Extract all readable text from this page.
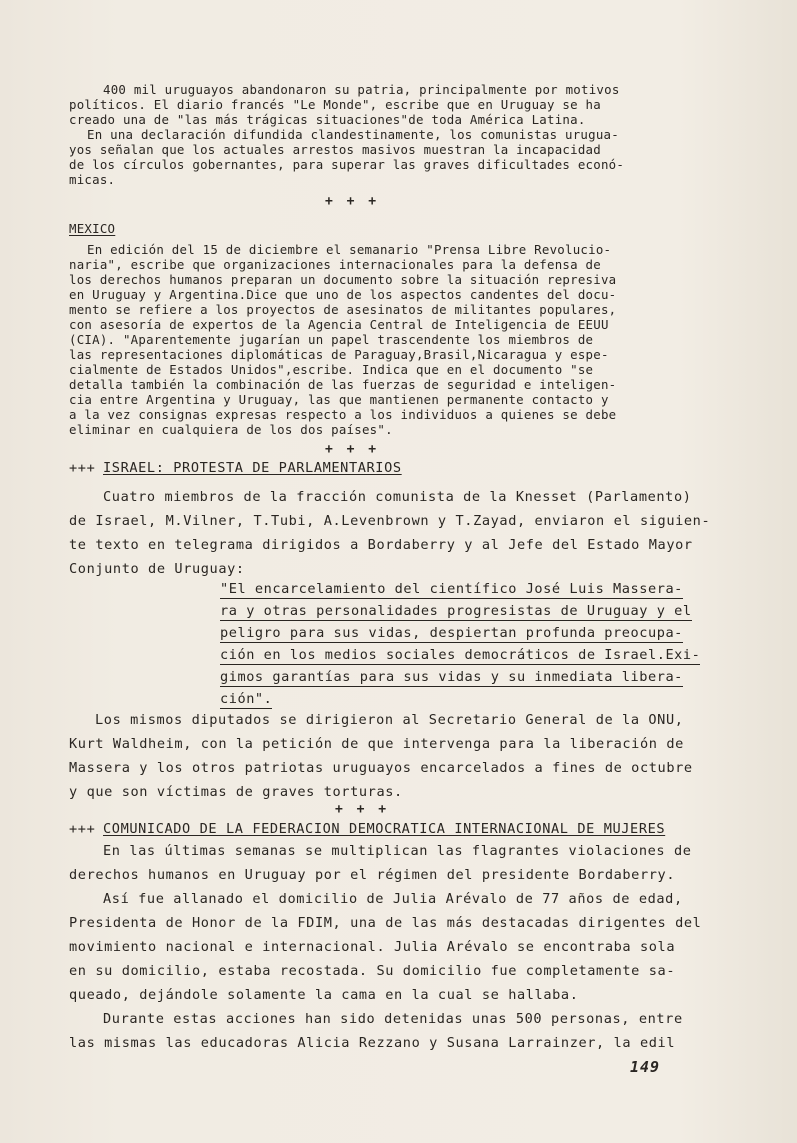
400 mil uruguayos abandonaron su patria, principalmente por motivos
políticos. El diario francés "Le Monde", escribe que en Uruguay se ha
creado una de "las más trágicas situaciones"de toda América Latina.
En una declaración difundida clandestinamente, los comunistas urugua-
yos señalan que los actuales arrestos masivos muestran la incapacidad
de los círculos gobernantes, para superar las graves dificultades econó-
micas.
+ + +
MEXICO
En edición del 15 de diciembre el semanario "Prensa Libre Revolucio-
naria", escribe que organizaciones internacionales para la defensa de
los derechos humanos preparan un documento sobre la situación represiva
en Uruguay y Argentina.Dice que uno de los aspectos candentes del docu-
mento se refiere a los proyectos de asesinatos de militantes populares,
con asesoría de expertos de la Agencia Central de Inteligencia de EEUU
(CIA). "Aparentemente jugarían un papel trascendente los miembros de
las representaciones diplomáticas de Paraguay,Brasil,Nicaragua y espe-
cialmente de Estados Unidos",escribe. Indica que en el documento "se
detalla también la combinación de las fuerzas de seguridad e inteligen-
cia entre Argentina y Uruguay, las que mantienen permanente contacto y
a la vez consignas expresas respecto a los individuos a quienes se debe
eliminar en cualquiera de los dos países".
+ + +
+++ ISRAEL: PROTESTA DE PARLAMENTARIOS
Cuatro miembros de la fracción comunista de la Knesset (Parlamento)
de Israel, M.Vilner, T.Tubi, A.Levenbrown y T.Zayad, enviaron el siguien-
te texto en telegrama dirigidos a Bordaberry y al Jefe del Estado Mayor
Conjunto de Uruguay:
"El encarcelamiento del científico José Luis Massera-
ra y otras personalidades progresistas de Uruguay y el
peligro para sus vidas, despiertan profunda preocupa-
ción en los medios sociales democráticos de Israel.Exi-
gimos garantías para sus vidas y su inmediata libera-
ción".
Los mismos diputados se dirigieron al Secretario General de la ONU,
Kurt Waldheim, con la petición de que intervenga para la liberación de
Massera y los otros patriotas uruguayos encarcelados a fines de octubre
y que son víctimas de graves torturas.
+ + +
+++ COMUNICADO DE LA FEDERACION DEMOCRATICA INTERNACIONAL DE MUJERES
En las últimas semanas se multiplican las flagrantes violaciones de
derechos humanos en Uruguay por el régimen del presidente Bordaberry.
Así fue allanado el domicilio de Julia Arévalo de 77 años de edad,
Presidenta de Honor de la FDIM, una de las más destacadas dirigentes del
movimiento nacional e internacional. Julia Arévalo se encontraba sola
en su domicilio, estaba recostada. Su domicilio fue completamente sa-
queado, dejándole solamente la cama en la cual se hallaba.
Durante estas acciones han sido detenidas unas 500 personas, entre
las mismas las educadoras Alicia Rezzano y Susana Larrainzer, la edil
149
